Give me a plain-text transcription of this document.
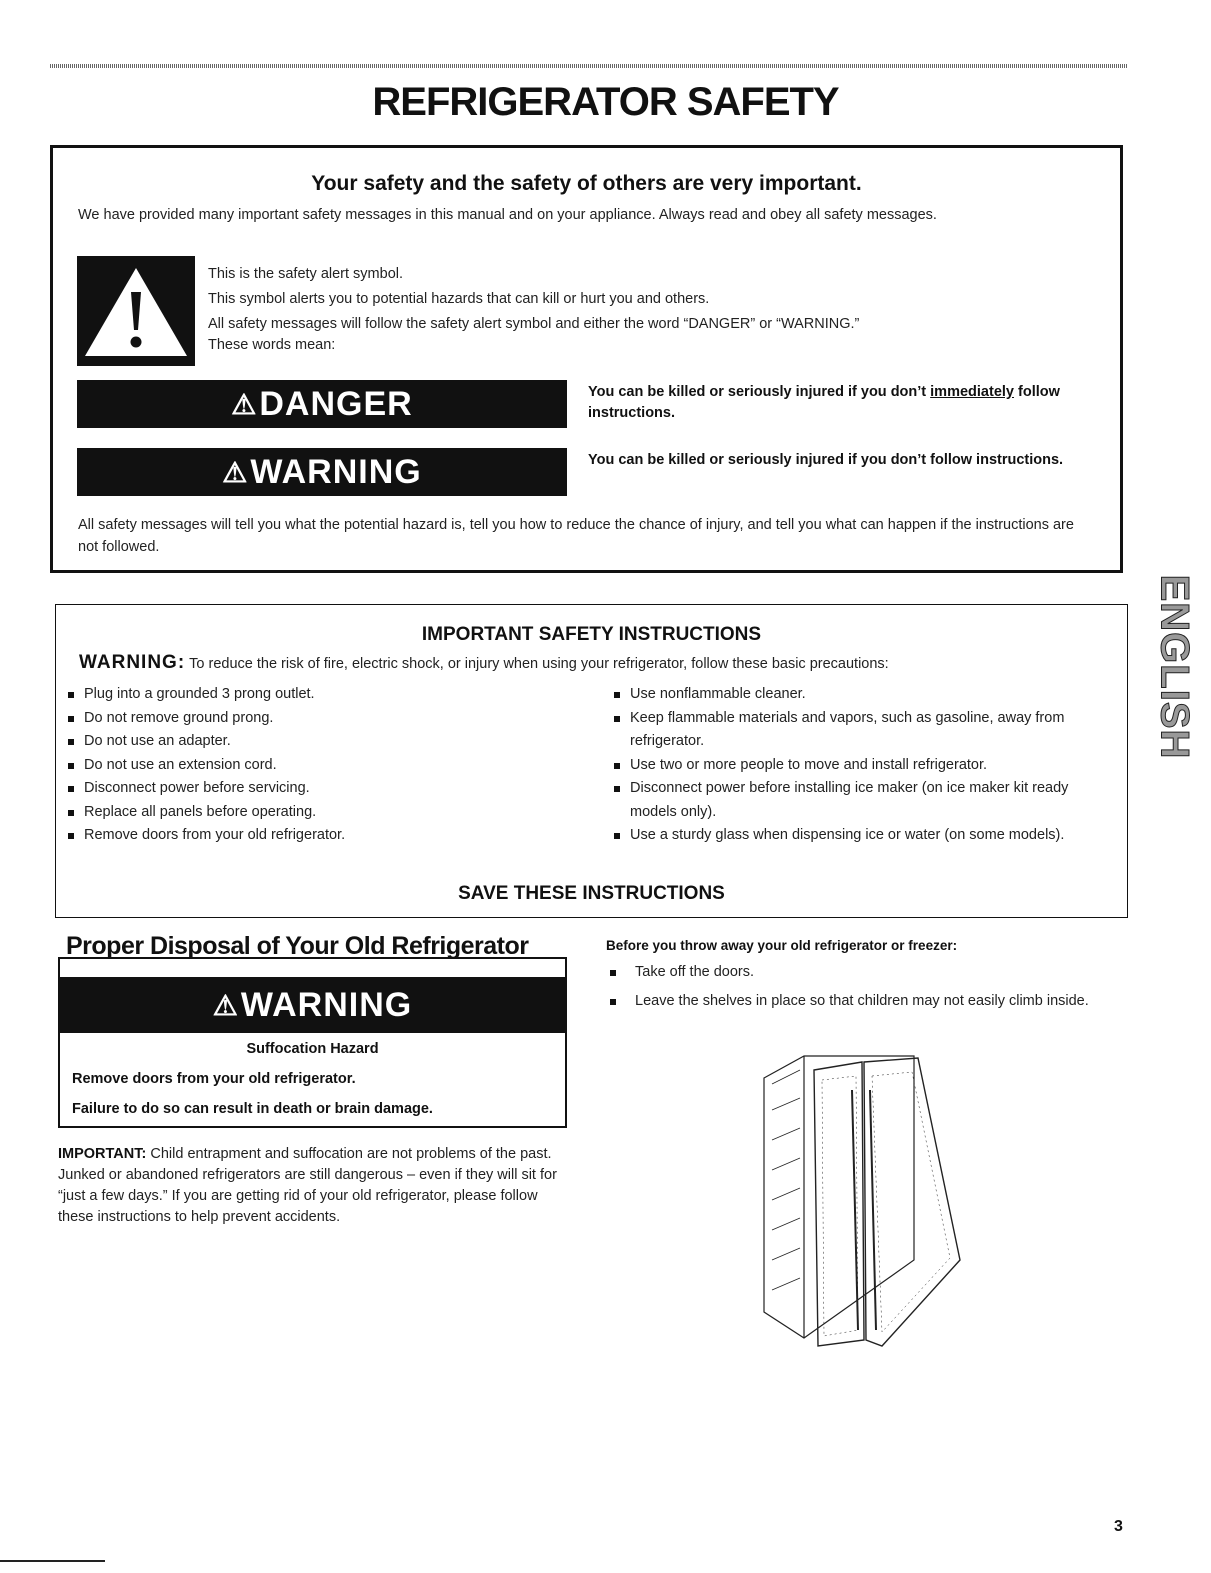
REFRIGERATOR SAFETY
Your safety and the safety of others are very important.
We have provided many important safety messages in this manual and on your appliance. Always read and obey all safety messages.
This is the safety alert symbol.
This symbol alerts you to potential hazards that can kill or hurt you and others.
All safety messages will follow the safety alert symbol and either the word “DANGER” or “WARNING.”
These words mean:
⚠ DANGER	You can be killed or seriously injured if you don’t immediately follow instructions.
⚠ WARNING	You can be killed or seriously injured if you don’t follow instructions.
All safety messages will tell you what the potential hazard is, tell you how to reduce the chance of injury, and tell you what can happen if the instructions are not followed.
IMPORTANT SAFETY INSTRUCTIONS
WARNING: To reduce the risk of fire, electric shock, or injury when using your refrigerator, follow these basic precautions:
Plug into a grounded 3 prong outlet.
Do not remove ground prong.
Do not use an adapter.
Do not use an extension cord.
Disconnect power before servicing.
Replace all panels before operating.
Remove doors from your old refrigerator.
Use nonflammable cleaner.
Keep flammable materials and vapors, such as gasoline, away from refrigerator.
Use two or more people to move and install refrigerator.
Disconnect power before installing ice maker (on ice maker kit ready models only).
Use a sturdy glass when dispensing ice or water (on some models).
SAVE THESE INSTRUCTIONS
Proper Disposal of Your Old Refrigerator
⚠ WARNING
Suffocation Hazard
Remove doors from your old refrigerator.
Failure to do so can result in death or brain damage.
IMPORTANT: Child entrapment and suffocation are not problems of the past. Junked or abandoned refrigerators are still dangerous – even if they will sit for “just a few days.” If you are getting rid of your old refrigerator, please follow these instructions to help prevent accidents.
Before you throw away your old refrigerator or freezer:
Take off the doors.
Leave the shelves in place so that children may not easily climb inside.
ENGLISH
3
